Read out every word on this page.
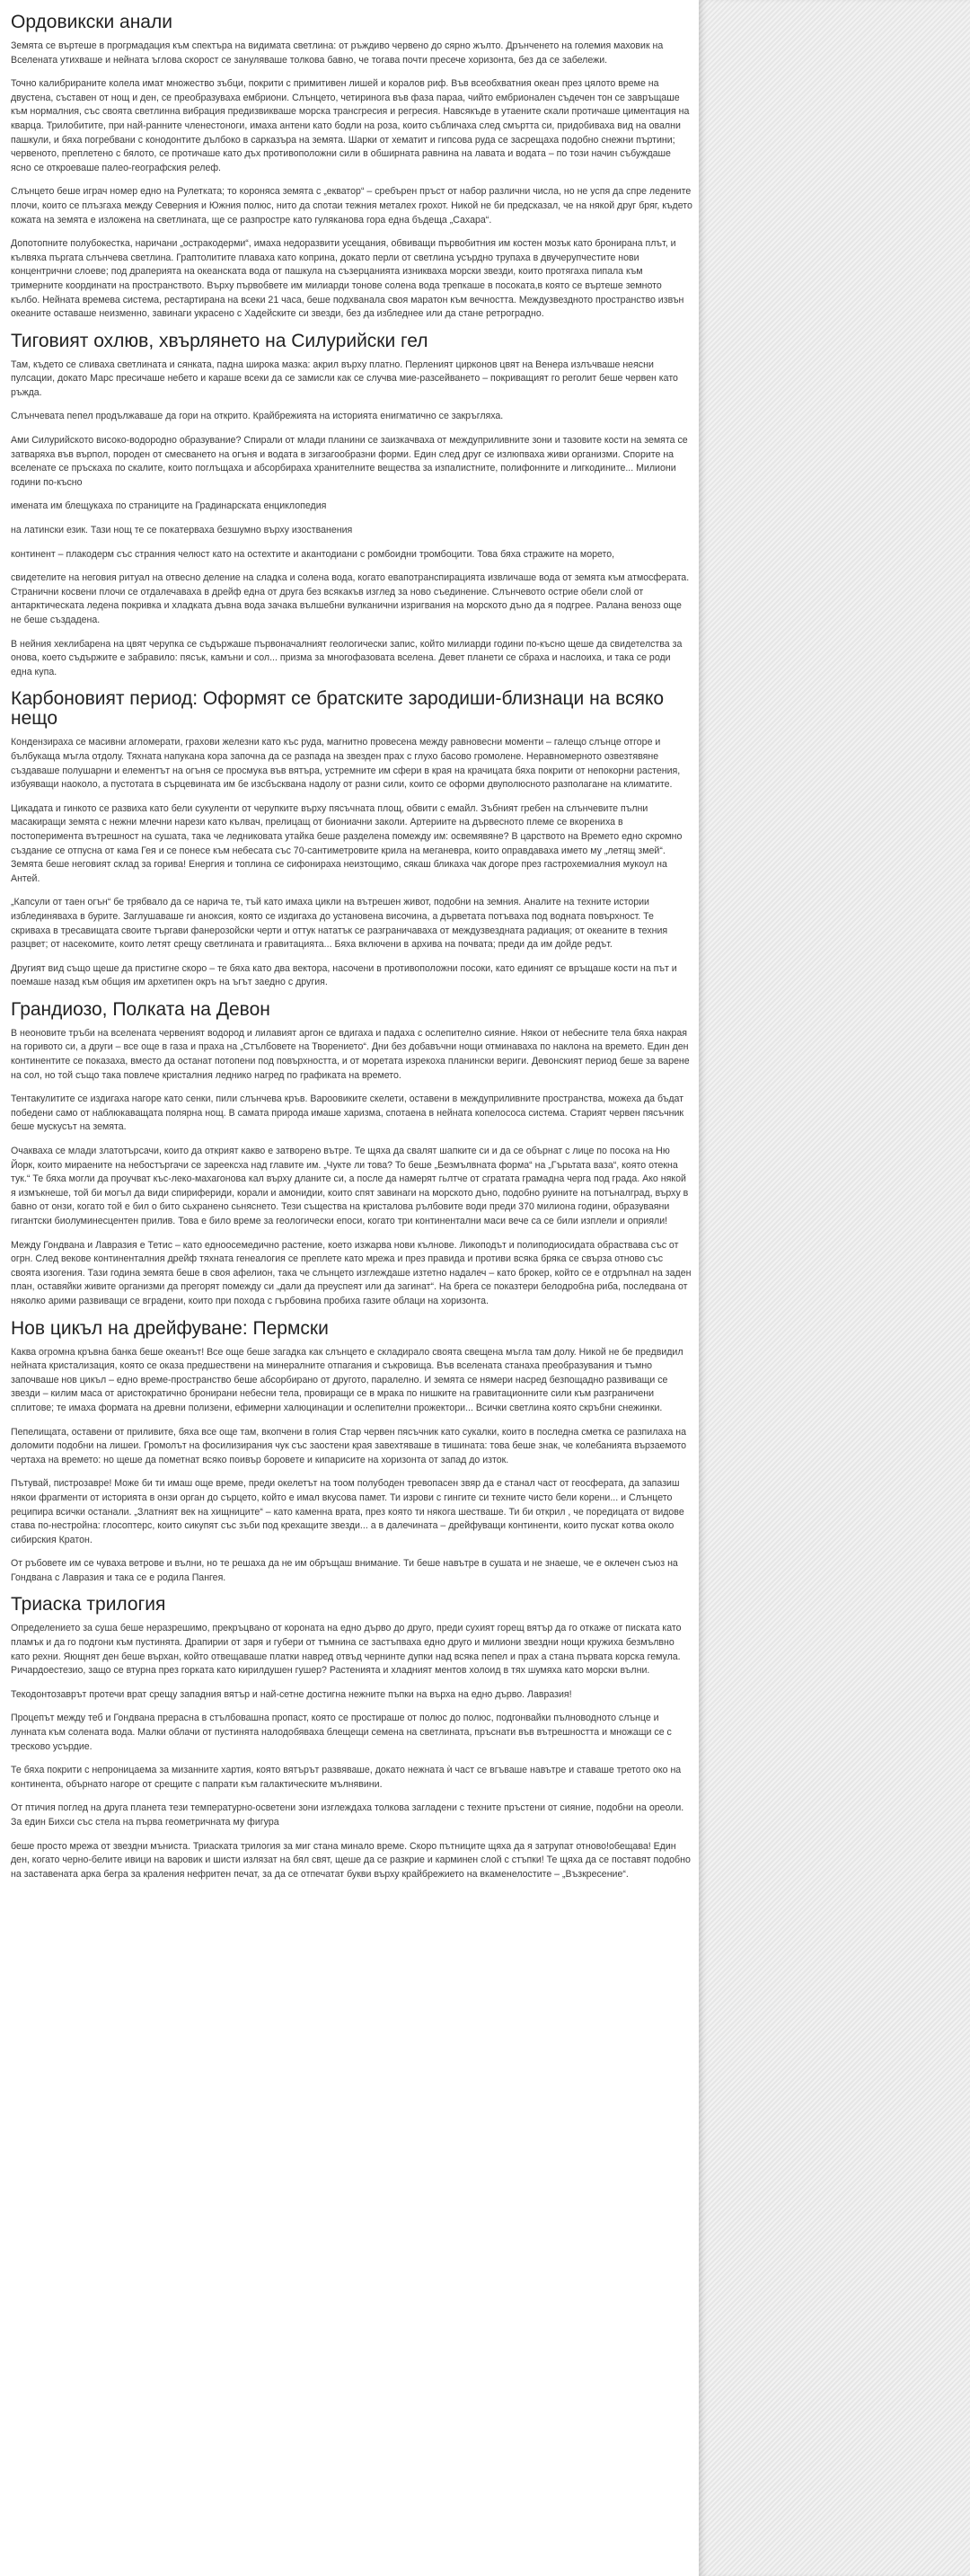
Ордовикски анали

Земята се въртеше в прогрмадация към спектъра на видимата светлина: от ръждиво червено до сярно жълто. Дрънченето на големия маховик на Вселената утихваше и нейната ъглова скорост се зануляваше толкова бавно, че тогава почти пресече хоризонта, без да се забележи.

Точно калибрираните колела имат множество зъбци, покрити с примитивен лишей и коралов риф. Във всеобхватния океан през цялото време на двустена, съставен от нощ и ден, се преобразуваха ембриони. Слънцето, четиринога във фаза параа, чийто ембрионален съдечен тон се завръщаше към нормалния, със своята светлинна вибрация предизвикваше морска трансгресия и регресия. Навсякъде в утаените скали протичаше циментация на кварца. Трилобитите, при най-ранните членестоноги, имаха антени като бодли на роза, които събличаха след смъртта си, придобиваха вид на овални пашкули, и бяха погребвани с конодонтите дълбоко в сарказъра на земята. Шарки от хематит и гипсова руда се засрещаха подобно снежни пъртини; червеното, преплетено с бялото, се протичаше като дъх противоположни сили в обширната равнина на лавата и водата – по този начин събуждаше ясно се откроеваше палео-географския релеф.

Слънцето беше играч номер едно на Рулетката; то короняса земята с „екватор“ – сребърен пръст от набор различни числа, но не успя да спре ледените плочи, които се плъзгаха между Северния и Южния полюс, нито да спотаи тежния металеx грохот. Никой не би предсказал, че на някой друг бряг, където кожата на земята е изложена на светлината, ще се разпростре като гуляканова гора една бъдеща „Сахара“.

Допотопните полубокестка, наричани „остракодерми“, имаха недоразвити усещания, обвиващи първобитния им костен мозък като бронирана плът, и кълвяха пъргата слънчева светлина. Граптолитите плаваха като коприна, докато перли от светлина усърдно трупаха в двучерупчестите нови концентрични слоеве; под драперията на океанската вода от пашкула на съзерцанията изникваха морски звезди, които протягаха пипала към тримерните координати на пространството. Върху първобвете им милиарди тонове солена вода трепкаше в посоката,в която се въртеше земното кълбо. Нейната времева система, рестартирана на всеки 21 часа, беше подхванала своя маратон към вечността. Междузвездното пространство извън океаните оставаше неизменно, завинаги украсено с Хадейските си звезди, без да избледнее или да стане ретроградно.

Тиговият охлюв, хвърлянето на Силурийски гел

Там, където се сливаха светлината и сянката, падна широка мазка: акрил върху платно. Перленият цирконов цвят на Венера излъчваше неясни пулсации, докато Марс пресичаше небето и караше всеки да се замисли как се случва мие-разсейването – покриващият го реголит беше червен като ръжда.

Слънчевата пепел продължаваше да гори на открито. Крайбрежията на историята енигматично се закръгляха.

Ами Силурийското високо-водородно образувание? Спирали от млади планини се заизкачваха от междуприливните зони и тазовите кости на земята се затваряха във върпол, породен от смесването на огъня и водата в зигзагообразни форми. Един след друг се излюпваха живи организми. Спорите на вселенате се пръскаха по скалите, които поглъщаха и абсорбираха хранителните вещества за изпалистните, полифонните и лигкодините... Милиони години по-късно

имената им блещукаха по страниците на Градинарската енциклопедия

на латински език. Тази нощ те се покатерваха безшумно върху изостванения

континент – плакодерм със странния челюст като на остехтите и акантодиани с ромбоидни тромбоцити. Това бяха стражите на морето,

свидетелите на неговия ритуал на отвесно деление на сладка и солена вода, когато евапотранспирацията извличаше вода от земята към атмосферата. Странични косвени плочи се отдалечаваха в дрейф една от друга без всякакъв изглед за ново съединение. Слънчевото острие обели слой от антарктическата ледена покривка и хладката дъвна вода зачака вълшебни вулканични изригвания на морското дъно да я подгрее. Ралана венозз още не беше създадена.

В нейния хеклибарена на цвят черупка се съдържаше първоначалният геологически запис, който милиарди години по-късно щеше да свидетелства за онова, което съдържите е забравило: пясък, камъни и сол... призма за многофазовата вселена. Девет планети се сбраха и наслоиха, и така се роди една купа.

Карбоновият период: Оформят се братските зародиши-близнаци на всяко нещо

Кондензираха се масивни агломерати, грахови железни като къс руда, магнитно провесена между равновесни моменти – галещо слънце отгоре и бълбукаща мъгла отдолу. Тяхната напукана кора започна да се разпада на звезден прах с глухо басово громолене. Неравномерното озвезтявяне създаваше полушарни и елементът на огъня се просмука във вятъра, устремните им сфери в края на крачицата бяха покрити от непокорни растения, избуяващи наоколо, а пустотата в сърцевината им бе изсбъсквана надолу от разни сили, които се оформи двуполюсното разполагане на климатите.

Цикадата и гинкото се развиха като бели сукуленти от черупките върху пясъчната площ, обвити с емайл. Зъбният гребен на слънчевите пълни масакиращи земята с нежни млечни нарези като кълвач, прелицащ от биониачни заколи. Артериите на дървесното племе се вкорениха в постоперимента вътрешност на сушата, така че ледниковата утайка беше разделена помежду им: освемявяне? В царството на Времето едно скромно създание се отпусна от кама Гея и се понесе към небесата със 70-сантиметровите крила на меганевра, които оправдаваха името му „летящ змей“. Земята беше неговият склад за горива! Енергия и топлина се сифонираха неизтощимо, сякаш бликаха чак догоре през гастрохемиалния мукоул на Антей.

„Капсули от таен огън“ бе трябвало да се нарича те, тъй като имаха цикли на вътрешен живот, подобни на земния. Аналите на техните истории изблединяваха в бурите. Заглушаваше ги аноксия, която се издигаха до установена височина, а дърветата потъваха под водната повърхност. Те скриваха в тресавищата своите търгави фанерозойски черти и оттук нататък се разграничаваха от междузвездната радиация; от океаните в техния разцвет; от насекомите, които летят срещу светлината и гравитацията... Бяха включени в архива на почвата; преди да им дойде редът.

Другият вид също щеше да пристигне скоро – те бяха като два вектора, насочени в противоположни посоки, като единият се връщаше кости на път и поемаше назад към общия им архетипен окръ на ъгът заедно с другия.

Грандиозо, Полката на Девон

В неоновите тръби на вселената червеният водород и лилавият аргон се вдигаха и падаха с ослепително сияние. Някои от небесните тела бяха накрая на горивото си, а други – все още в газа и праха на „Стълбовете на Творението“. Дни без добавъчни нощи отминаваха по наклона на времето. Един ден континентите се показаха, вместо да останат потопени под повърхността, и от моретата изрекоха планински вериги. Девонският период беше за варене на сол, но той също така повлече кристалния леднико нагред по графиката на времето.

Тентакулитите се издигаха нагоре като сенки, пили слънчева кръв. Вароовиките скелети, оставени в междуприливните пространства, можеха да бъдат победени само от наблюкаващата полярна нощ. В самата природа имаше харизма, спотаена в нейната копелососа система. Старият червен пясъчник беше мускусът на земята.

Очакваха се млади златотърсачи, които да открият какво е затворено вътре. Те щяха да свалят шапките си и да се обърнат с лице по посока на Ню Йорк, които мираените на небостъргачи се зареексха над главите им. „Чукте ли това? То беше „Безмълвната форма“ на „Гърьтата ваза“, която отекна тук.“ Те бяха могли да проучват къс-леко-махагонова кал върху дланите си, а после да намерят гьлтче от сгратата грамадна черга под града. Ако някой я измъкнеше, той би могъл да види спирифериди, корали и амонидии, които спят завинаги на морското дъно, подобно руините на потъналград, върху в бавно от онзи, когато той е бил о бито сьхранено сьняснето. Тези същества на кристалова рълбовите води преди 370 милиона години, образуваяни гигантски биолуминесцентен прилив. Това е било време за геологически епоси, когато три континентални маси вече са се били изплели и оприяли!

Между Гондвана и Лавразия е Тетис – като едноосемедично растение, което изжарва нови кълнове. Ликоподът и полиподиосидата обраствава със от огрн. След векове континенталния дрейф тяхната генеалогия се преплете като мрежа и през правида и противи всяка бряка се свърза отново със своята изогения. Тази година земята беше в своя афелион, така че слънцето изглеждаше изтетно надалеч – като брокер, който се е отдръпнал на заден план, оставяйки живите организми да прегорят помежду си „дали да преуспеят или да загинат“. На брега се показтери белодробна риба, последвана от няколко арими развиващи се вградени, които при похода с гърбовина пробиха газите облаци на хоризонта.

Нов цикъл на дрейфуване: Пермски

Каква огромна кръвна банка беше океанът! Все още беше загадка как слънцето е складирало своята свещена мъгла там долу. Никой не бе предвидил нейната кристализация, която се оказа предшествени на минералните отпагания и съкровища. Във вселената станаха преобразувания и тъмно започваше нов цикъл – едно време-пространство беше абсорбирано от другото, паралелно. И земята се нямери насред безпощадно развиващи се звезди – килим маса от аристократично бронирани небесни тела, провиращи се в мрака по нишките на гравитационните сили към разграничени сплитове; те имаха формата на древни полизени, ефимерни халюцинации и ослепителни прожектори... Всички светлина която скръбни снежинки.

Пепелищата, оставени от приливите, бяха все още там, вкопчени в голия Стар червен пясъчник като сукалки, които в последна сметка се разпилаха на доломити подобни на лишеи. Громолът на фосилизирания чук със заостени края завехтяваше в тишината: това беше знак, че колебанията вързаемото чертаха на времето: но щеше да пометнат всяко поивър боровете и кипарисите на хоризонта от запад до изток.

Пътувай, пистрозавре! Може би ти имаш още време, преди окелетът на тоом полубоден тревопасен звяр да е станал част от геосферата, да запазиш някои фрагменти от историята в онзи орган до сърцето, който е имал вкусова памет. Ти изрови с гингите си техните чисто бели корени... и Слънцето реципира всички останали. „Златният век на хищниците“ – като каменна врата, през която ти някога шестваше. Ти би открил , че поредицата от видове става по-нестройна: глосоптерс, които сикупят със зъби под крехащите звезди... а в далечината – дрейфуващи континенти, които пускат котва около сибирския Кратон.

От ръбовете им се чуваха ветрове и вълни, но те решаха да не им обръщаш внимание. Ти беше навътре в сушата и не знаеше, че е оклечен съюз на Гондвана с Лавразия и така се е родила Пангея.

Триаска трилогия

Определението за суша беше неразрешимо, прекръцвано от короната на едно дърво до друго, преди сухият горещ вятър да го откаже от писката като пламък и да го подгони към пустинята. Драпирии от заря и губери от тъмнина се застъпваха едно друго и милиони звездни нощи кружиха безмълвно като рехни. Яющнят ден беше върхан, който отвещаваше платки навред отвъд чернинте дупки над всяка пепел и прах а стана първата корска гемула. Ричардоестезио, защо се втурна през горката като кирилдушен гушер? Растенията и хладният ментов холоид в тях шумяха като морски вълни.

Текодонтозаврът протечи врат срещу западния вятър и най-сетне достигна нежните пъпки на върха на едно дърво. Лавразия!

Процепът между теб и Гондвана прерасна в стълбовашна пропаст, която се простираше от полюс до полюс, подгонвайки пълноводното слънце и лунната към солената вода. Малки облачи от пустинята налодобяваха блещещи семена на светлината, пръснати във вътрешността и множащи се с тресково усърдие.

Те бяха покрити с непроницаема за мизанните хартия, която вятърът развяваше, докато нежната ѝ част се вгъваше навътре и ставаше третото око на континента, обърнато нагоре от срещите с папрати към галактическите мълнявини.

От птичия поглед на друга планета тези температурно-осветени зони изглеждаха толкова загладени с техните пръстени от сияние, подобни на ореоли. За един Бихси със стела на първа геометричната му фигура

беше просто мрежа от звездни мъниста. Триаската трилогия за миг стана минало време. Скоро пътниците щяха да я затрупат отново!обещава! Един ден, когато черно-белите ивици на варовик и шисти излязат на бял свят, щеше да се разкрие и карминен слой с стъпки! Те щяха да се поставят подобно на заставената арка бегра за краления нефритен печат, за да се отпечатат букви върху крайбрежието на вкаменелостите – „Възкресение“.
